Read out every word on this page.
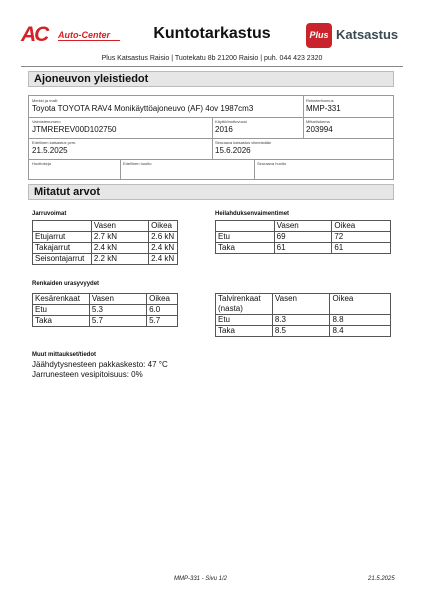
AC Auto-Center	Kuntotarkastus	Plus Katsastus
Plus Katsastus Raisio | Tuotekatu 8b 21200 Raisio | puh. 044 423 2320
Ajoneuvon yleistiedot
Merkki ja malli
Toyota TOYOTA RAV4 Monikäyttöajoneuvo (AF) 4ov 1987cm3
Rekisteritunnus
MMP-331
Valmistenumero
JTMREREV00D102750
Käyttöönottovuosi
2016
Mittarilukema
203994
Edellinen katsastus pvm.
21.5.2025
Seuraava katsastus viimeistään
15.6.2026
Huoltokirja	Edellinen huolto	Seuraava huolto
Mitatut arvot
Jarruvoimat
	Vasen	Oikea
Etujarrut	2.7 kN	2.6 kN
Takajarrut	2.4 kN	2.4 kN
Seisontajarrut	2.2 kN	2.4 kN
Heilahduksenvaimentimet
	Vasen	Oikea
Etu	69	72
Taka	61	61
Renkaiden urasyvyydet
Kesärenkaat	Vasen	Oikea
Etu	5.3	6.0
Taka	5.7	5.7
Talvirenkaat (nasta)	Vasen	Oikea
Etu	8.3	8.8
Taka	8.5	8.4
Muut mittaukset/tiedot
Jäähdytysnesteen pakkaskesto: 47 °C
Jarrunesteen vesipitoisuus: 0%
MMP-331 - Sivu 1/2	21.5.2025
